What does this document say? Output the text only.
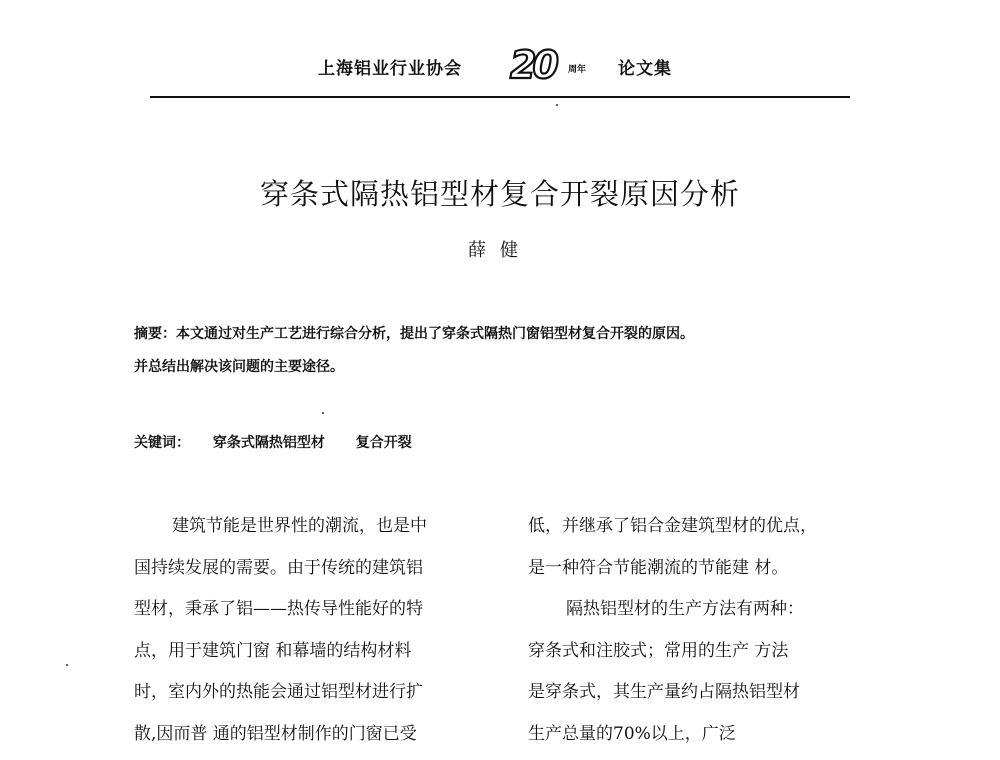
上海铝业行业协会 20	周年 论文集
穿条式隔热铝型材复合开裂原因分析
薛健
摘要：本文通过对生产工艺进行综合分析，提出了穿条式隔热门窗铝型材复合开裂的原因。
并总结出解决该问题的主要途径。
关键词： 穿条式隔热铝型材 复合开裂
建筑节能是世界性的潮流，也是中
国持续发展的需要。由于传统的建筑铝
型材，秉承了铝——热传导性能好的特
点，用于建筑门窗 和幕墙的结构材料
时，室内外的热能会通过铝型材进行扩
散,因而普 通的铝型材制作的门窗已受
低，并继承了铝合金建筑型材的优点，
是一种符合节能潮流的节能建 材。
隔热铝型材的生产方法有两种：
穿条式和注胶式；常用的生产 方法
是穿条式，其生产量约占隔热铝型材
生产总量的70%以上，广泛
